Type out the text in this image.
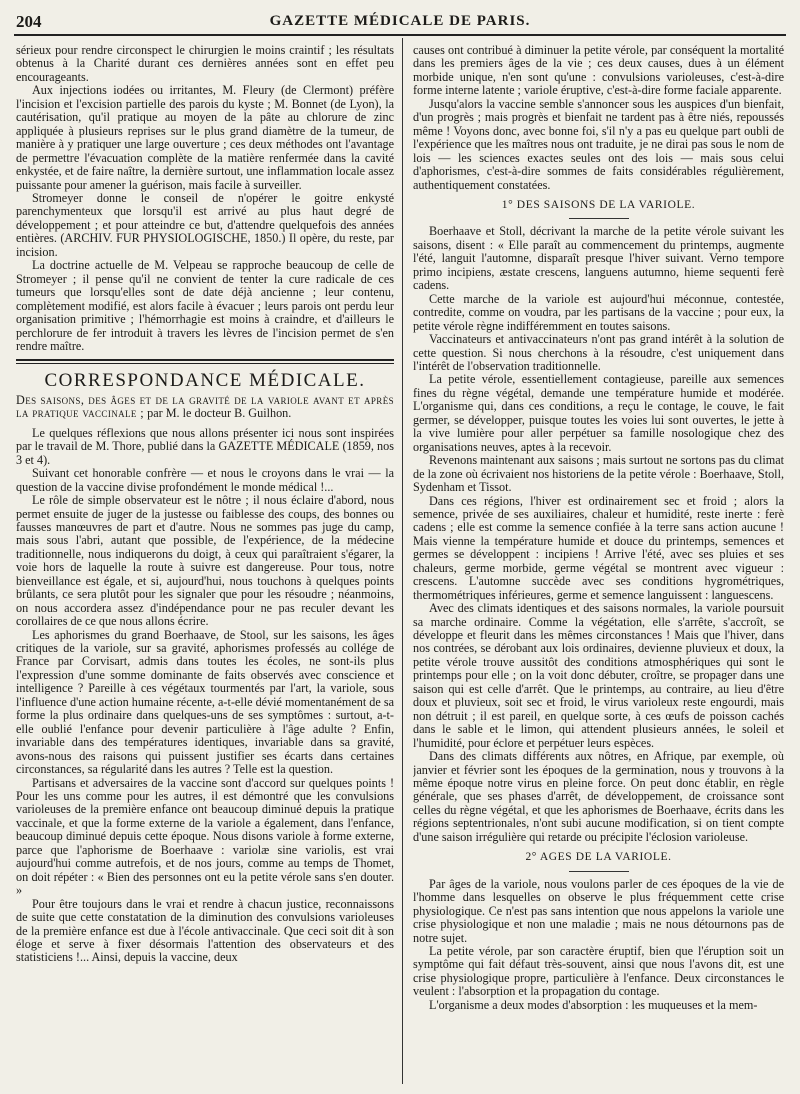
204	GAZETTE MÉDICALE DE PARIS.

sérieux pour rendre circonspect le chirurgien le moins craintif ; les résultats obtenus à la Charité durant ces dernières années sont en effet peu encourageants.

Aux injections iodées ou irritantes, M. Fleury (de Clermont) préfère l'incision et l'excision partielle des parois du kyste ; M. Bonnet (de Lyon), la cautérisation, qu'il pratique au moyen de la pâte au chlorure de zinc appliquée à plusieurs reprises sur le plus grand diamètre de la tumeur, de manière à y pratiquer une large ouverture ; ces deux méthodes ont l'avantage de permettre l'évacuation complète de la matière renfermée dans la cavité enkystée, et de faire naître, la dernière surtout, une inflammation locale assez puissante pour amener la guérison, mais facile à surveiller.

Stromeyer donne le conseil de n'opérer le goitre enkysté parenchymenteux que lorsqu'il est arrivé au plus haut degré de développement ; et pour atteindre ce but, d'attendre quelquefois des années entières. (ARCHIV. FUR PHYSIOLOGISCHE, 1850.) Il opère, du reste, par incision.

La doctrine actuelle de M. Velpeau se rapproche beaucoup de celle de Stromeyer ; il pense qu'il ne convient de tenter la cure radicale de ces tumeurs que lorsqu'elles sont de date déjà ancienne ; leur contenu, complètement modifié, est alors facile à évacuer ; leurs parois ont perdu leur organisation primitive ; l'hémorrhagie est moins à craindre, et d'ailleurs le perchlorure de fer introduit à travers les lèvres de l'incision permet de s'en rendre maître.

CORRESPONDANCE MÉDICALE.
Des saisons, des âges et de la gravité de la variole avant et après la pratique vaccinale ; par M. le docteur B. Guilhon.

Le quelques réflexions que nous allons présenter ici nous sont inspirées par le travail de M. Thore, publié dans la GAZETTE MÉDICALE (1859, nos 3 et 4).

Suivant cet honorable confrère — et nous le croyons dans le vrai — la question de la vaccine divise profondément le monde médical !...

Le rôle de simple observateur est le nôtre ; il nous éclaire d'abord, nous permet ensuite de juger de la justesse ou faiblesse des coups, des bonnes ou fausses manœuvres de part et d'autre. Nous ne sommes pas juge du camp, mais sous l'abri, autant que possible, de l'expérience, de la médecine traditionnelle, nous indiquerons du doigt, à ceux qui paraîtraient s'égarer, la voie hors de laquelle la route à suivre est dangereuse. Pour tous, notre bienveillance est égale, et si, aujourd'hui, nous touchons à quelques points brûlants, ce sera plutôt pour les signaler que pour les résoudre ; néanmoins, on nous accordera assez d'indépendance pour ne pas reculer devant les corollaires de ce que nous allons écrire.

Les aphorismes du grand Boerhaave, de Stool, sur les saisons, les âges critiques de la variole, sur sa gravité, aphorismes professés au collége de France par Corvisart, admis dans toutes les écoles, ne sont-ils plus l'expression d'une somme dominante de faits observés avec conscience et intelligence ? Pareille à ces végétaux tourmentés par l'art, la variole, sous l'influence d'une action humaine récente, a-t-elle dévié momentanément de sa forme la plus ordinaire dans quelques-uns de ses symptômes : surtout, a-t-elle oublié l'enfance pour devenir particulière à l'âge adulte ? Enfin, invariable dans des températures identiques, invariable dans sa gravité, avons-nous des raisons qui puissent justifier ses écarts dans certaines circonstances, sa régularité dans les autres ? Telle est la question.

Partisans et adversaires de la vaccine sont d'accord sur quelques points ! Pour les uns comme pour les autres, il est démontré que les convulsions varioleuses de la première enfance ont beaucoup diminué depuis la pratique vaccinale, et que la forme externe de la variole a également, dans l'enfance, beaucoup diminué depuis cette époque. Nous disons variole à forme externe, parce que l'aphorisme de Boerhaave : variolæ sine variolis, est vrai aujourd'hui comme autrefois, et de nos jours, comme au temps de Thomet, on doit répéter : « Bien des personnes ont eu la petite vérole sans s'en douter. »

Pour être toujours dans le vrai et rendre à chacun justice, reconnaissons de suite que cette constatation de la diminution des convulsions varioleuses de la première enfance est due à l'école antivaccinale. Que ceci soit dit à son éloge et serve à fixer désormais l'attention des observateurs et des statisticiens !... Ainsi, depuis la vaccine, deux

causes ont contribué à diminuer la petite vérole, par conséquent la mortalité dans les premiers âges de la vie ; ces deux causes, dues à un élément morbide unique, n'en sont qu'une : convulsions varioleuses, c'est-à-dire forme interne latente ; variole éruptive, c'est-à-dire forme faciale apparente.

Jusqu'alors la vaccine semble s'annoncer sous les auspices d'un bienfait, d'un progrès ; mais progrès et bienfait ne tardent pas à être niés, repoussés même ! Voyons donc, avec bonne foi, s'il n'y a pas eu quelque part oubli de l'expérience que les maîtres nous ont traduite, je ne dirai pas sous le nom de lois — les sciences exactes seules ont des lois — mais sous celui d'aphorismes, c'est-à-dire sommes de faits considérables régulièrement, authentiquement constatées.

1° DES SAISONS DE LA VARIOLE.

Boerhaave et Stoll, décrivant la marche de la petite vérole suivant les saisons, disent : « Elle paraît au commencement du printemps, augmente l'été, languit l'automne, disparaît presque l'hiver suivant. Verno tempore primo incipiens, æstate crescens, languens autumno, hieme sequenti ferè cadens.

Cette marche de la variole est aujourd'hui méconnue, contestée, contredite, comme on voudra, par les partisans de la vaccine ; pour eux, la petite vérole règne indifféremment en toutes saisons.

Vaccinateurs et antivaccinateurs n'ont pas grand intérêt à la solution de cette question. Si nous cherchons à la résoudre, c'est uniquement dans l'intérêt de l'observation traditionnelle.

La petite vérole, essentiellement contagieuse, pareille aux semences fines du règne végétal, demande une température humide et modérée. L'organisme qui, dans ces conditions, a reçu le contage, le couve, le fait germer, se développer, puisque toutes les voies lui sont ouvertes, le jette à la vive lumière pour aller perpétuer sa famille nosologique chez des organisations neuves, aptes à la recevoir.

Revenons maintenant aux saisons ; mais surtout ne sortons pas du climat de la zone où écrivaient nos historiens de la petite vérole : Boerhaave, Stoll, Sydenham et Tissot.

Dans ces régions, l'hiver est ordinairement sec et froid ; alors la semence, privée de ses auxiliaires, chaleur et humidité, reste inerte : ferè cadens ; elle est comme la semence confiée à la terre sans action aucune ! Mais vienne la température humide et douce du printemps, semences et germes se développent : incipiens ! Arrive l'été, avec ses pluies et ses chaleurs, germe morbide, germe végétal se montrent avec vigueur : crescens. L'automne succède avec ses conditions hygrométriques, thermométriques inférieures, germe et semence languissent : languescens.

Avec des climats identiques et des saisons normales, la variole poursuit sa marche ordinaire. Comme la végétation, elle s'arrête, s'accroît, se développe et fleurit dans les mêmes circonstances ! Mais que l'hiver, dans nos contrées, se dérobant aux lois ordinaires, devienne pluvieux et doux, la petite vérole trouve aussitôt des conditions atmosphériques qui sont le printemps pour elle ; on la voit donc débuter, croître, se propager dans une saison qui est celle d'arrêt. Que le printemps, au contraire, au lieu d'être doux et pluvieux, soit sec et froid, le virus varioleux reste engourdi, mais non détruit ; il est pareil, en quelque sorte, à ces œufs de poisson cachés dans le sable et le limon, qui attendent plusieurs années, le soleil et l'humidité, pour éclore et perpétuer leurs espèces.

Dans des climats différents aux nôtres, en Afrique, par exemple, où janvier et février sont les époques de la germination, nous y trouvons à la même époque notre virus en pleine force. On peut donc établir, en règle générale, que ses phases d'arrêt, de développement, de croissance sont celles du règne végétal, et que les aphorismes de Boerhaave, écrits dans les régions septentrionales, n'ont subi aucune modification, si on tient compte d'une saison irrégulière qui retarde ou précipite l'éclosion varioleuse.

2° AGES DE LA VARIOLE.

Par âges de la variole, nous voulons parler de ces époques de la vie de l'homme dans lesquelles on observe le plus fréquemment cette crise physiologique. Ce n'est pas sans intention que nous appelons la variole une crise physiologique et non une maladie ; mais ne nous détournons pas de notre sujet.

La petite vérole, par son caractère éruptif, bien que l'éruption soit un symptôme qui fait défaut très-souvent, ainsi que nous l'avons dit, est une crise physiologique propre, particulière à l'enfance. Deux circonstances le veulent : l'absorption et la propagation du contage.

L'organisme a deux modes d'absorption : les muqueuses et la mem-
